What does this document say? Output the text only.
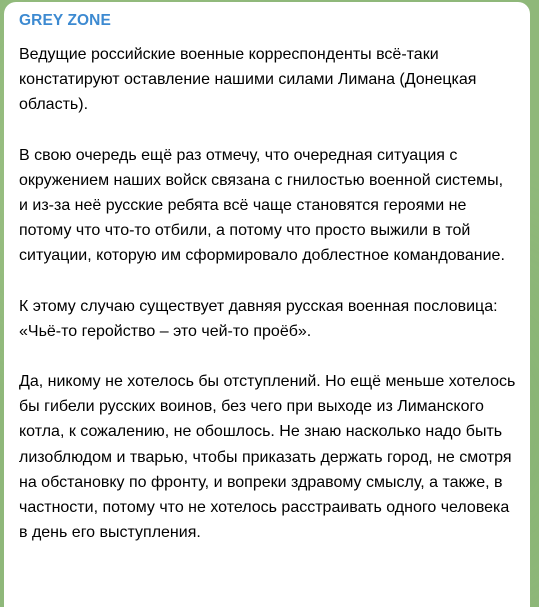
GREY ZONE

Ведущие российские военные корреспонденты всё-таки констатируют оставление нашими силами Лимана (Донецкая область).

В свою очередь ещё раз отмечу, что очередная ситуация с окружением наших войск связана с гнилостью военной системы, и из-за неё русские ребята всё чаще становятся героями не потому что что-то отбили, а потому что просто выжили в той ситуации, которую им сформировало доблестное командование.

К этому случаю существует давняя русская военная пословица: «Чьё-то геройство – это чей-то проёб».

Да, никому не хотелось бы отступлений. Но ещё меньше хотелось бы гибели русских воинов, без чего при выходе из Лиманского котла, к сожалению, не обошлось. Не знаю насколько надо быть лизоблюдом и тварью, чтобы приказать держать город, не смотря на обстановку по фронту, и вопреки здравому смыслу, а также, в частности, потому что не хотелось расстраивать одного человека в день его выступления.
